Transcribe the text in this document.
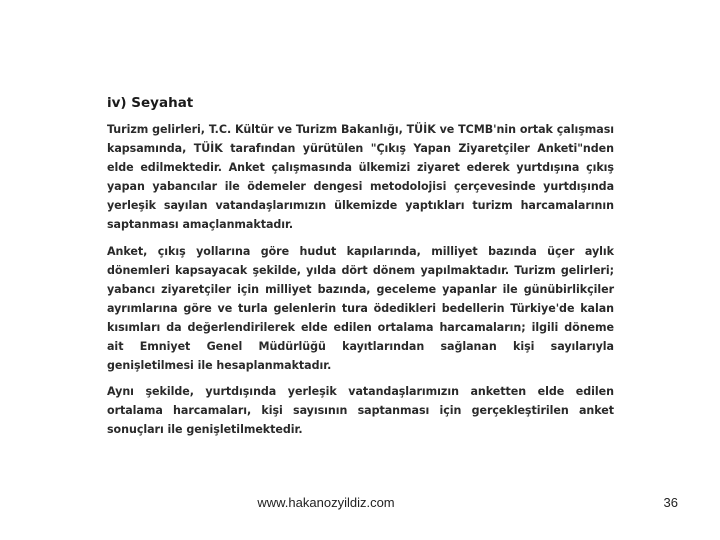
iv) Seyahat

Turizm gelirleri, T.C. Kültür ve Turizm Bakanlığı, TÜİK ve TCMB'nin ortak çalışması kapsamında, TÜİK tarafından yürütülen "Çıkış Yapan Ziyaretçiler Anketi"nden elde edilmektedir. Anket çalışmasında ülkemizi ziyaret ederek yurtdışına çıkış yapan yabancılar ile ödemeler dengesi metodolojisi çerçevesinde yurtdışında yerleşik sayılan vatandaşlarımızın ülkemizde yaptıkları turizm harcamalarının saptanması amaçlanmaktadır.

Anket, çıkış yollarına göre hudut kapılarında, milliyet bazında üçer aylık dönemleri kapsayacak şekilde, yılda dört dönem yapılmaktadır. Turizm gelirleri; yabancı ziyaretçiler için milliyet bazında, geceleme yapanlar ile günübirlikçiler ayrımlarına göre ve turla gelenlerin tura ödedikleri bedellerin Türkiye'de kalan kısımları da değerlendirilerek elde edilen ortalama harcamaların; ilgili döneme ait Emniyet Genel Müdürlüğü kayıtlarından sağlanan kişi sayılarıyla genişletilmesi ile hesaplanmaktadır.

Aynı şekilde, yurtdışında yerleşik vatandaşlarımızın anketten elde edilen ortalama harcamaları, kişi sayısının saptanması için gerçekleştirilen anket sonuçları ile genişletilmektedir.

www.hakanozyildiz.com	36
